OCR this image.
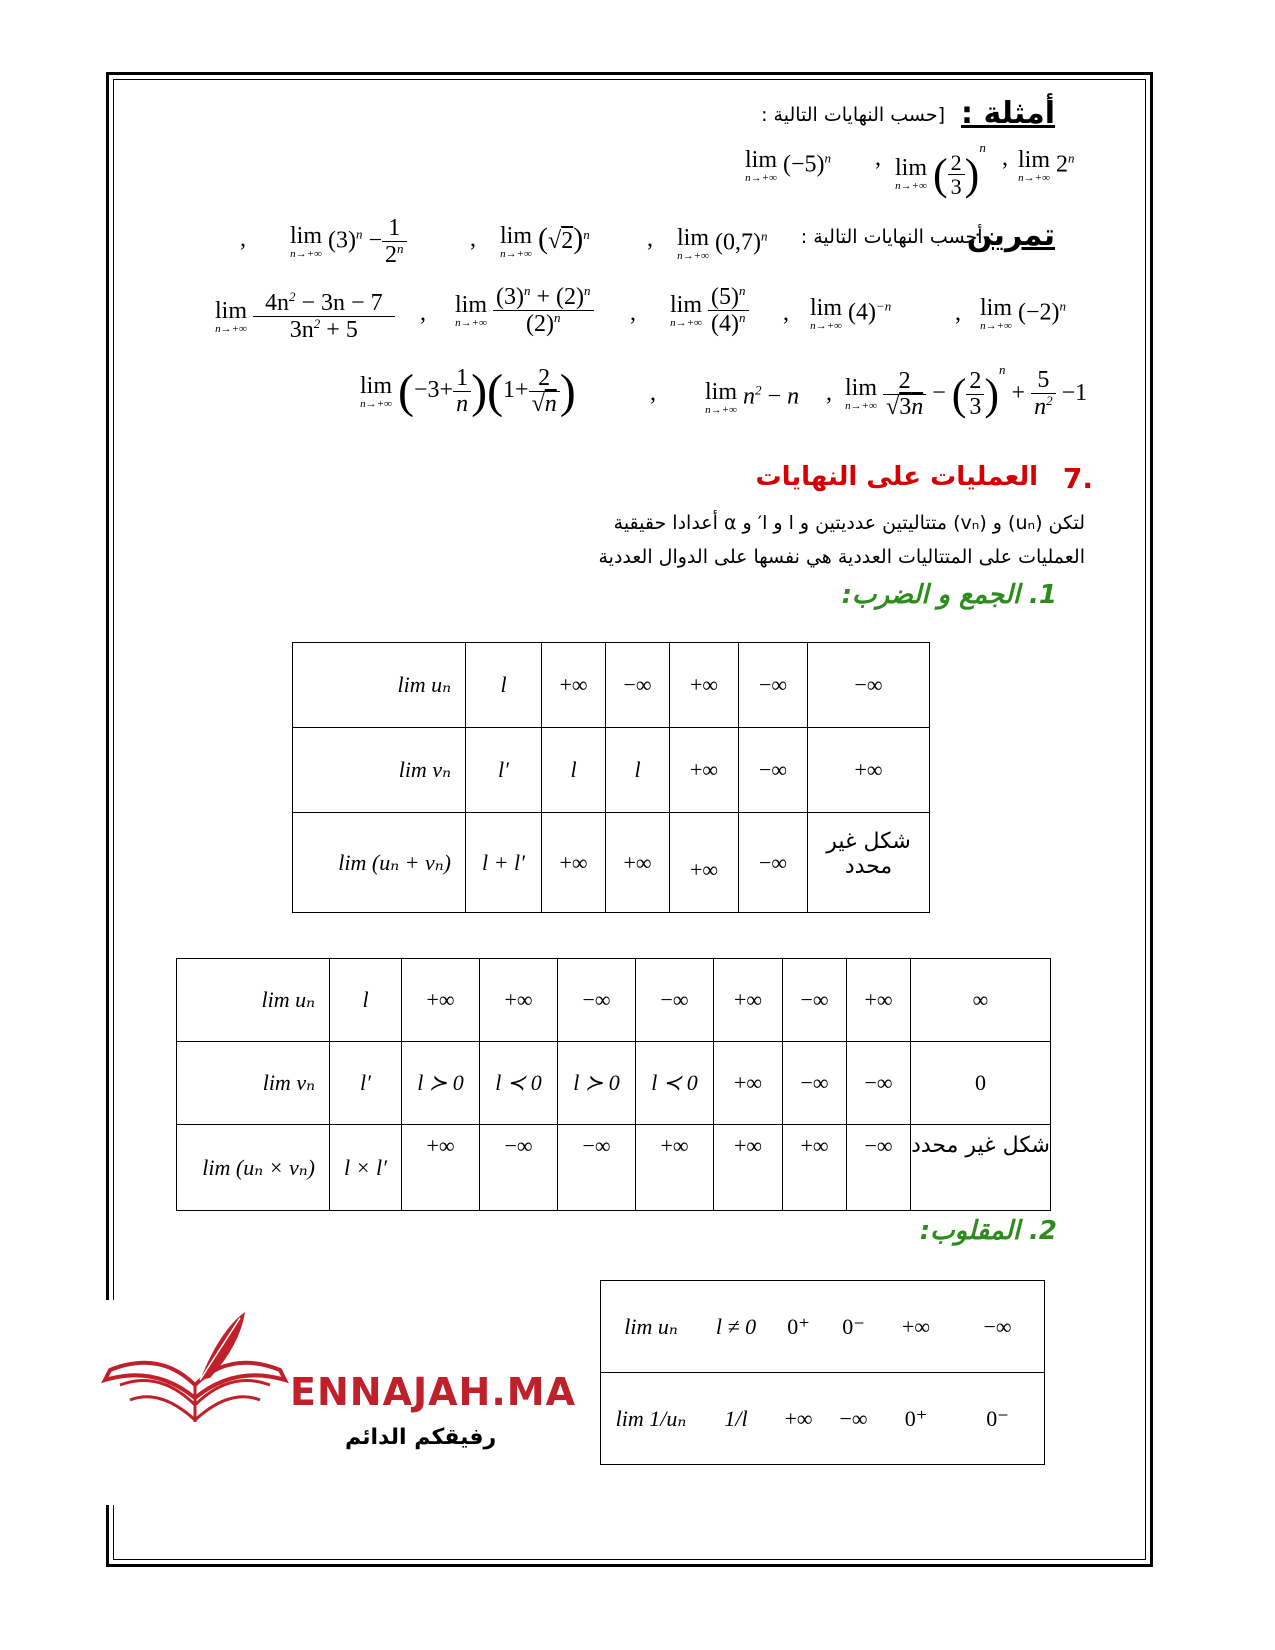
أمثلة :
[حسب النهايات التالية :
lim
n→+∞
$(-5)^n$ , lim
n→+∞ ( $\frac{2}{3} )^n$ , lim
n→+∞
2$^n$
تمرين
: أحسب النهايات التالية :
lim
n→+∞
$(0,7)^n$
,
lim
n→+∞ $(√2)^n$
,
lim
n→+∞
$(3)^n - \frac{1}{2^n}$
,
lim
n→+∞
$\frac{4n^2 - 3n - 7}{3n^2 + 5}$ , lim
n→+∞
$\frac{(3)^n + (2)^n}{(2)^n}$ , lim
n→+∞
$\frac{(5)^n}{(4)^n}$ , lim
n→+∞
$(4)^{-n}$	, lim
n→+∞
$(-2)^n$
lim
n→+∞ $(-3+ \frac{1}{n} )(1+ \frac{2}{√n}$ )	, lim
n→+∞
$n^2 - n$ , lim
n→+∞
$\frac{2}{√3n}$ − ( $\frac{2}{3} )^n + \frac{5}{n^2} -1$
7.
العمليات على النهايات
لتكن (uₙ) و (vₙ) متتاليتين عدديتين و l و l′ و α أعدادا حقيقية
العمليات على المتتاليات العددية هي نفسها على الدوال العددية
1. الجمع و الضرب:
lim uₙ	l	+∞	−∞	+∞	−∞	−∞
lim vₙ	l′	l	l	+∞	−∞	+∞
lim (uₙ + vₙ)	l + l′	+∞	+∞	+∞	−∞	شكل غير محدد
lim uₙ	l	+∞	+∞	−∞	−∞	+∞	−∞	+∞	∞
lim vₙ	l′	l ≻ 0	l ≺ 0	l ≻ 0	l ≺ 0	+∞	−∞	−∞	0
lim (uₙ × vₙ)	l × l′	+∞	−∞	−∞	+∞	+∞	+∞	−∞	شكل غير محدد
2. المقلوب:
lim uₙ	l ≠ 0	0⁺	0⁻	+∞	−∞
lim 1/uₙ	1/l	+∞	−∞	0⁺	0⁻
ENNAJAH.MA
رفيقكم الدائم
